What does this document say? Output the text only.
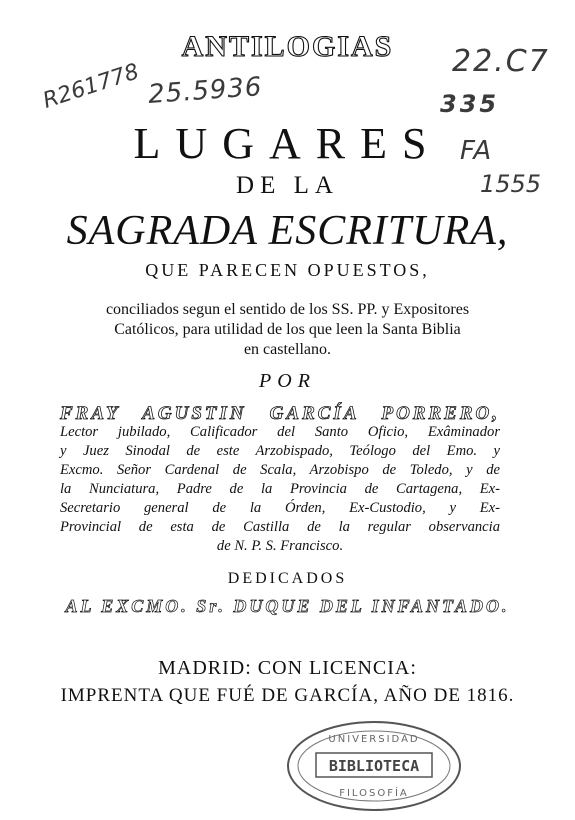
ANTILOGIAS
R261778 25.5936
22.C7
335
FA
1555
LUGARES
DE LA
SAGRADA ESCRITURA,
QUE PARECEN OPUESTOS,
conciliados segun el sentido de los SS. PP. y Expositores
Católicos, para utilidad de los que leen la Santa Biblia
en castellano.
POR
FRAY AGUSTIN GARCÍA PORRERO,
Lector jubilado, Calificador del Santo Oficio, Exâminador
y Juez Sinodal de este Arzobispado, Teólogo del Emo. y
Excmo. Señor Cardenal de Scala, Arzobispo de Toledo, y de
la Nunciatura, Padre de la Provincia de Cartagena, Ex-
Secretario general de la Órden, Ex-Custodio, y Ex-
Provincial de esta de Castilla de la regular observancia
de N. P. S. Francisco.
DEDICADOS
AL EXCMO. Sr. DUQUE DEL INFANTADO.
MADRID: CON LICENCIA:
IMPRENTA QUE FUÉ DE GARCÍA, AÑO DE 1816.
BIBLIOTECA
UNIVERSIDAD
FILOSOFÍA
